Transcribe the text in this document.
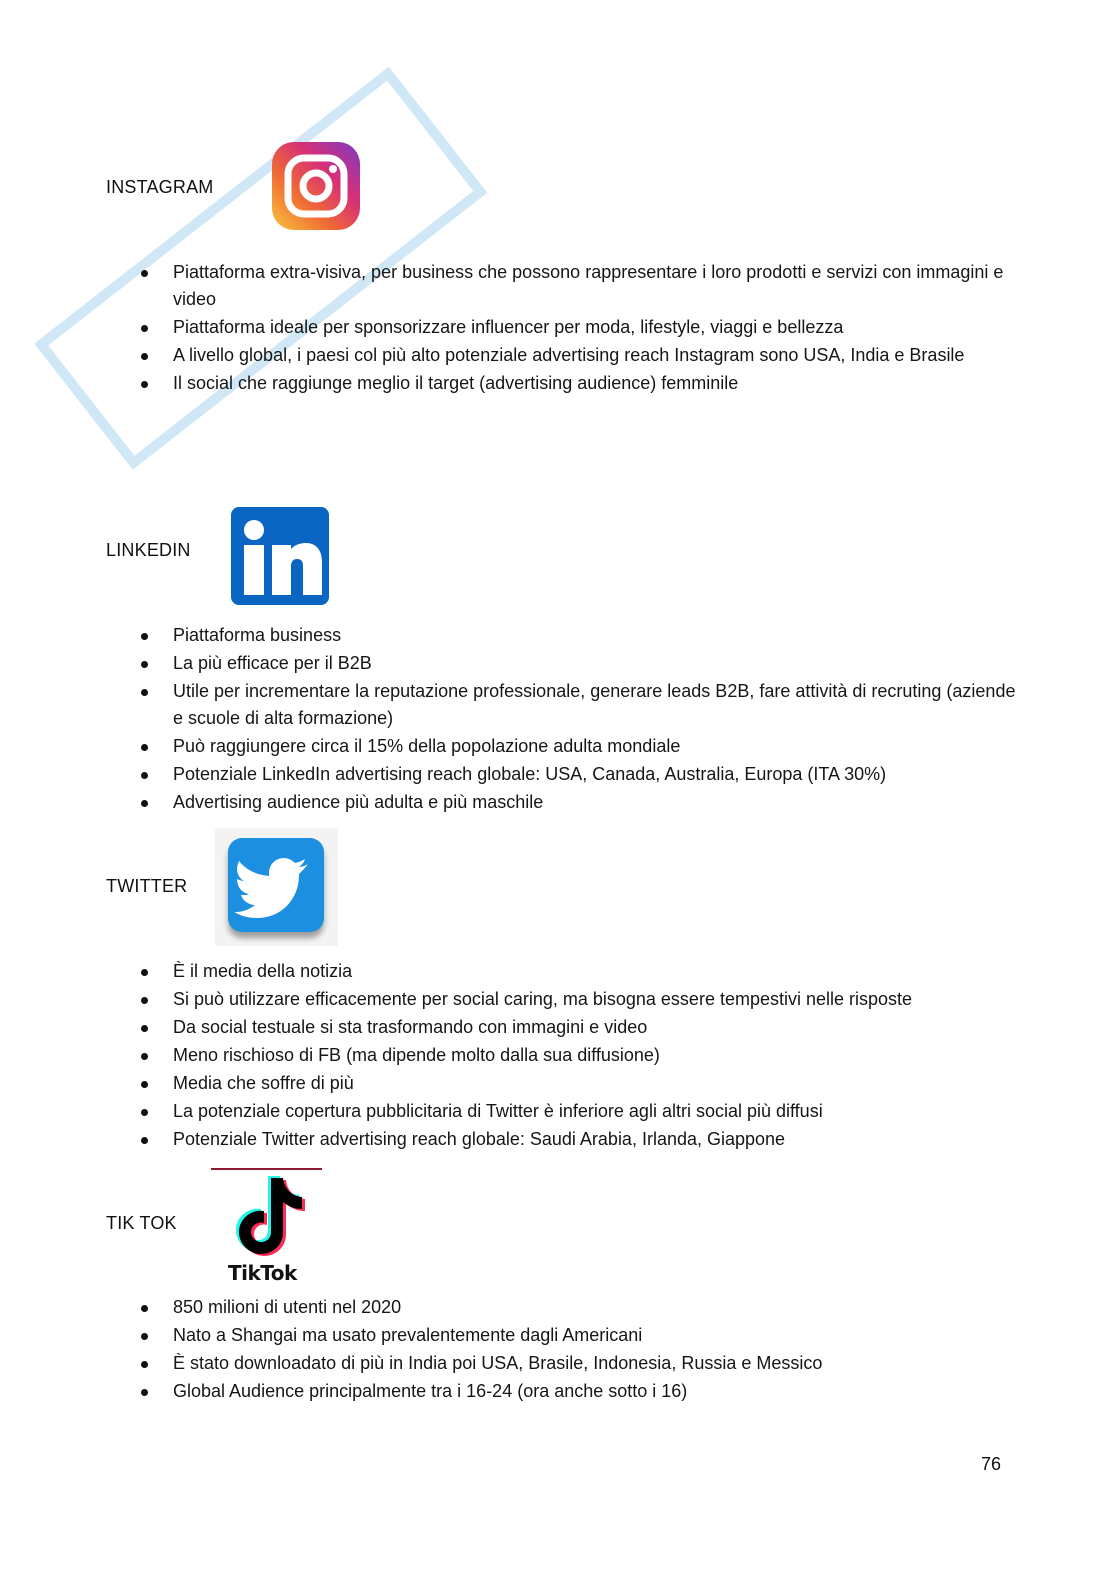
INSTAGRAM
Piattaforma extra-visiva, per business che possono rappresentare i loro prodotti e servizi con immagini e video
Piattaforma ideale per sponsorizzare influencer per moda, lifestyle, viaggi e bellezza
A livello global, i paesi col più alto potenziale advertising reach Instagram sono USA, India e Brasile
Il social che raggiunge meglio il target (advertising audience) femminile
LINKEDIN
Piattaforma business
La più efficace per il B2B
Utile per incrementare la reputazione professionale, generare leads B2B, fare attività di recruting (aziende e scuole di alta formazione)
Può raggiungere circa il 15% della popolazione adulta mondiale
Potenziale LinkedIn advertising reach globale: USA, Canada, Australia, Europa (ITA 30%)
Advertising audience più adulta e più maschile
TWITTER
È il media della notizia
Si può utilizzare efficacemente per social caring, ma bisogna essere tempestivi nelle risposte
Da social testuale si sta trasformando con immagini e video
Meno rischioso di FB (ma dipende molto dalla sua diffusione)
Media che soffre di più
La potenziale copertura pubblicitaria di Twitter è inferiore agli altri social più diffusi
Potenziale Twitter advertising reach globale: Saudi Arabia, Irlanda, Giappone
TIK TOK
TikTok
850 milioni di utenti nel 2020
Nato a Shangai ma usato prevalentemente dagli Americani
È stato downloadato di più in India poi USA, Brasile, Indonesia, Russia e Messico
Global Audience principalmente tra i 16-24 (ora anche sotto i 16)
76
